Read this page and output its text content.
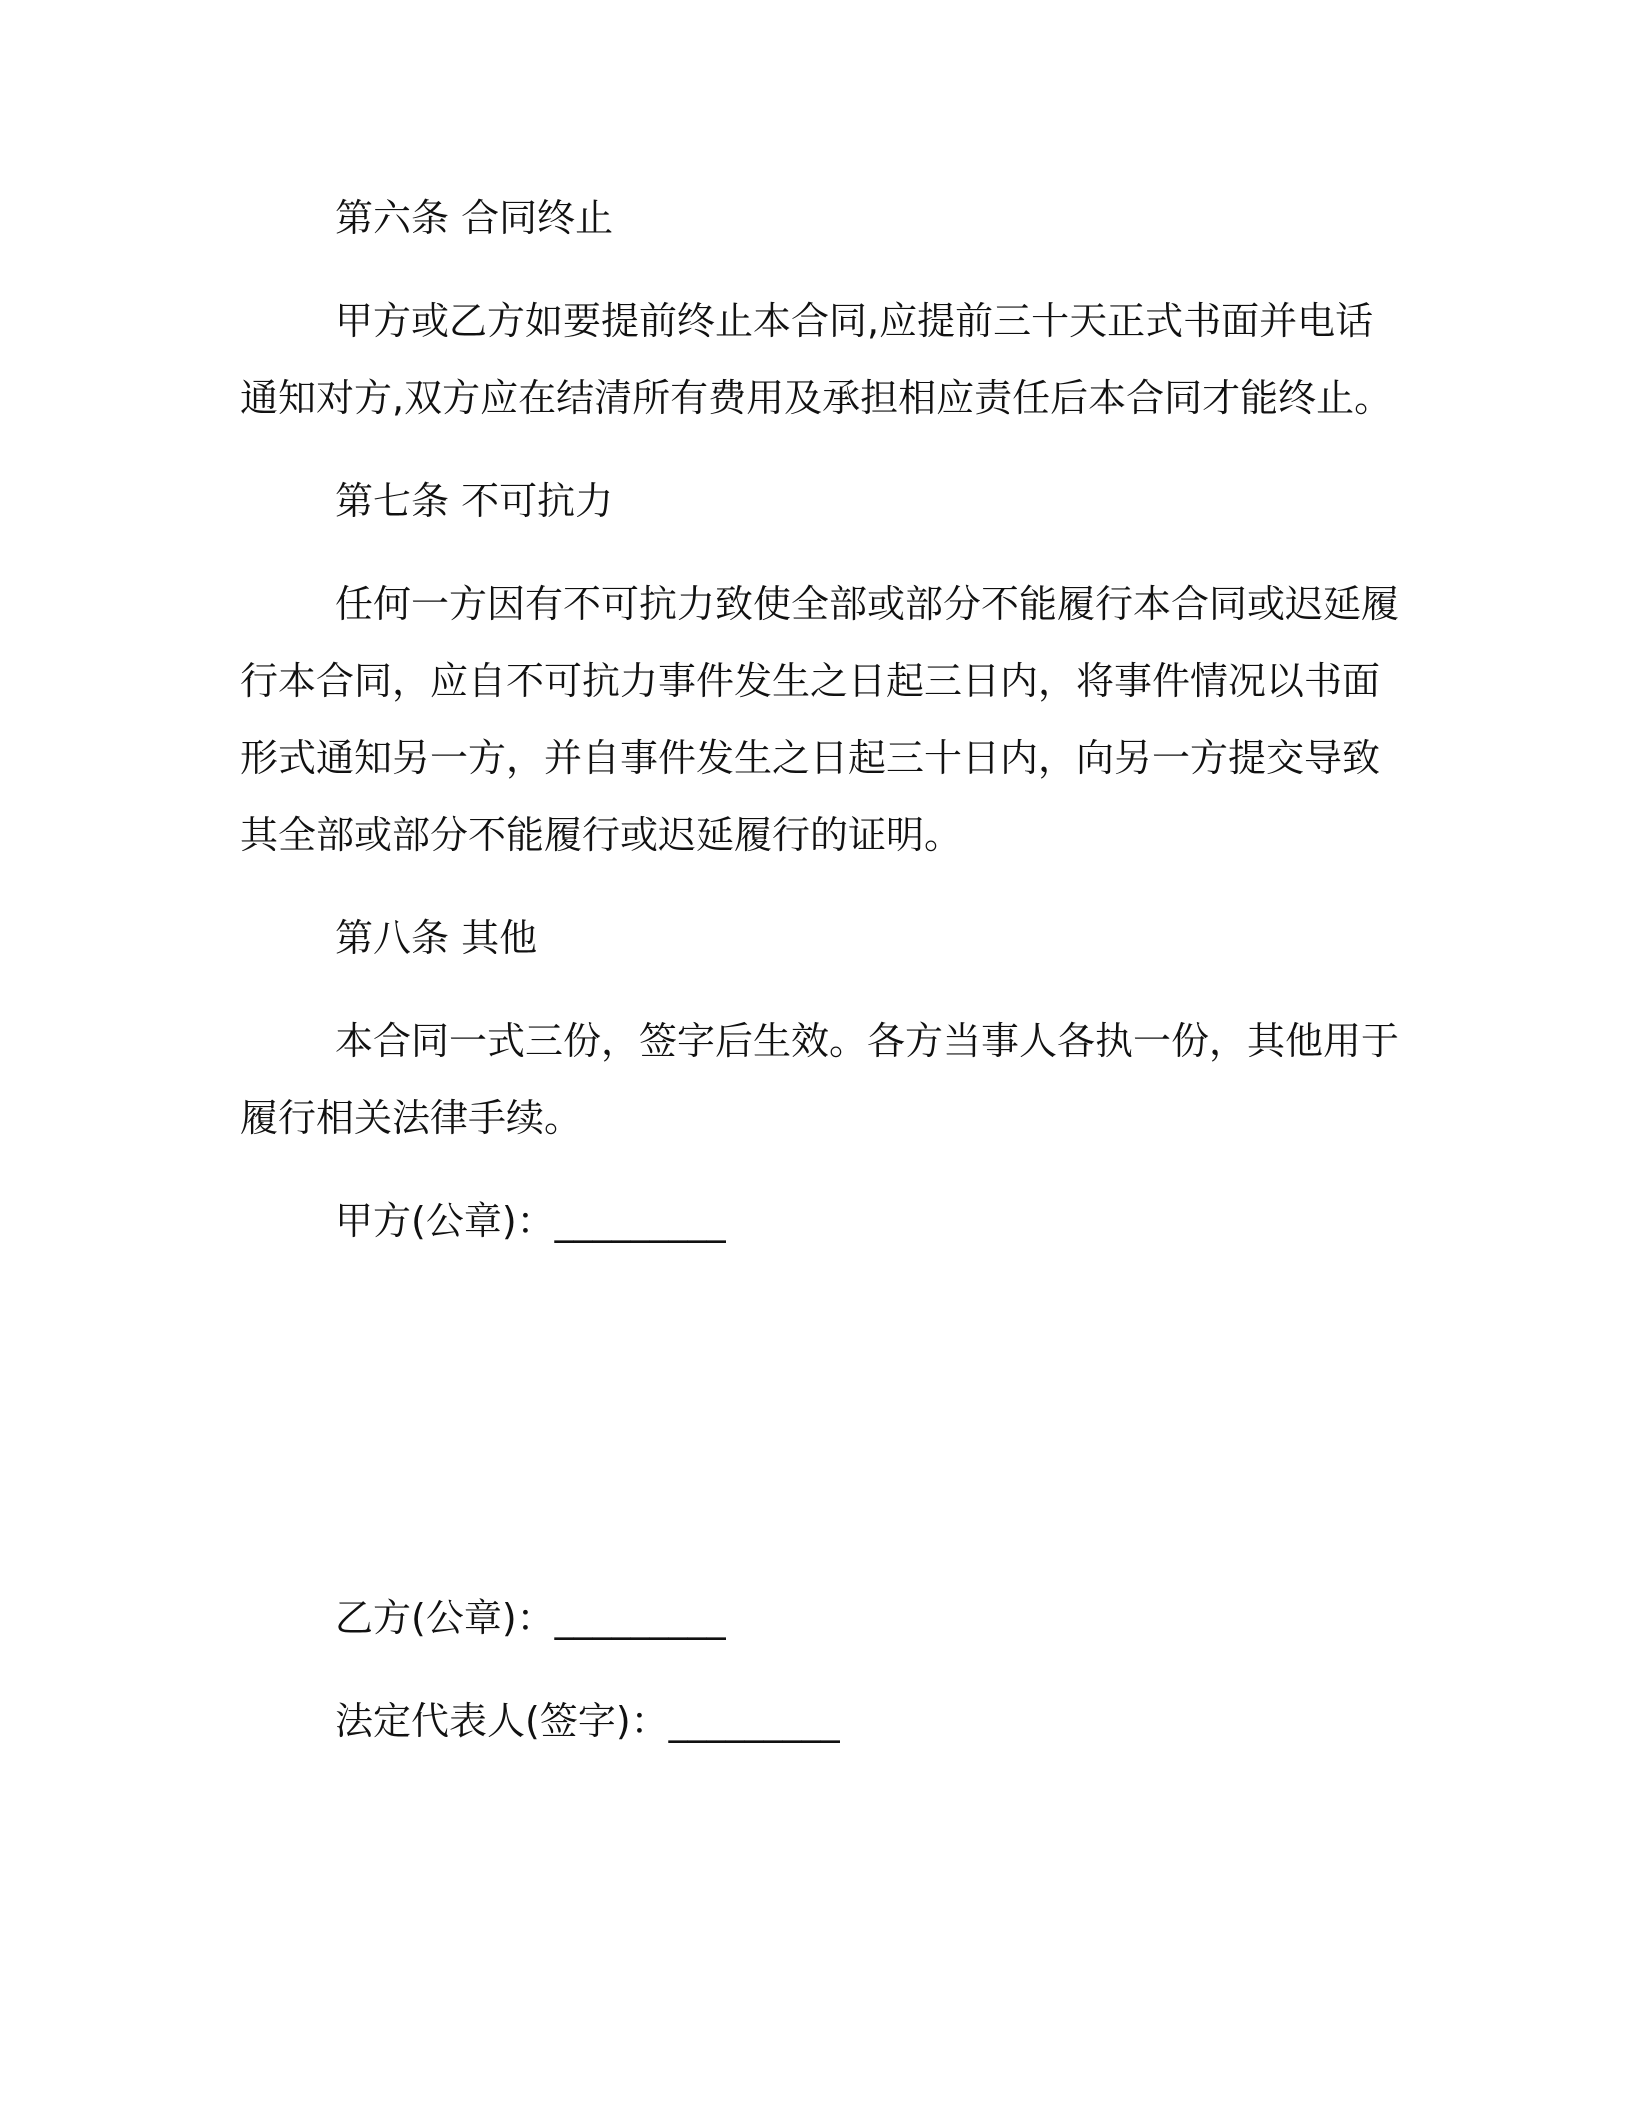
第六条 合同终止
甲方或乙方如要提前终止本合同,应提前三十天正式书面并电话
通知对方,双方应在结清所有费用及承担相应责任后本合同才能终止。
第七条 不可抗力
任何一方因有不可抗力致使全部或部分不能履行本合同或迟延履
行本合同，应自不可抗力事件发生之日起三日内，将事件情况以书面
形式通知另一方，并自事件发生之日起三十日内，向另一方提交导致
其全部或部分不能履行或迟延履行的证明。
第八条 其他
本合同一式三份，签字后生效。各方当事人各执一份，其他用于
履行相关法律手续。
甲方(公章)：_________
乙方(公章)：_________
法定代表人(签字)：_________
